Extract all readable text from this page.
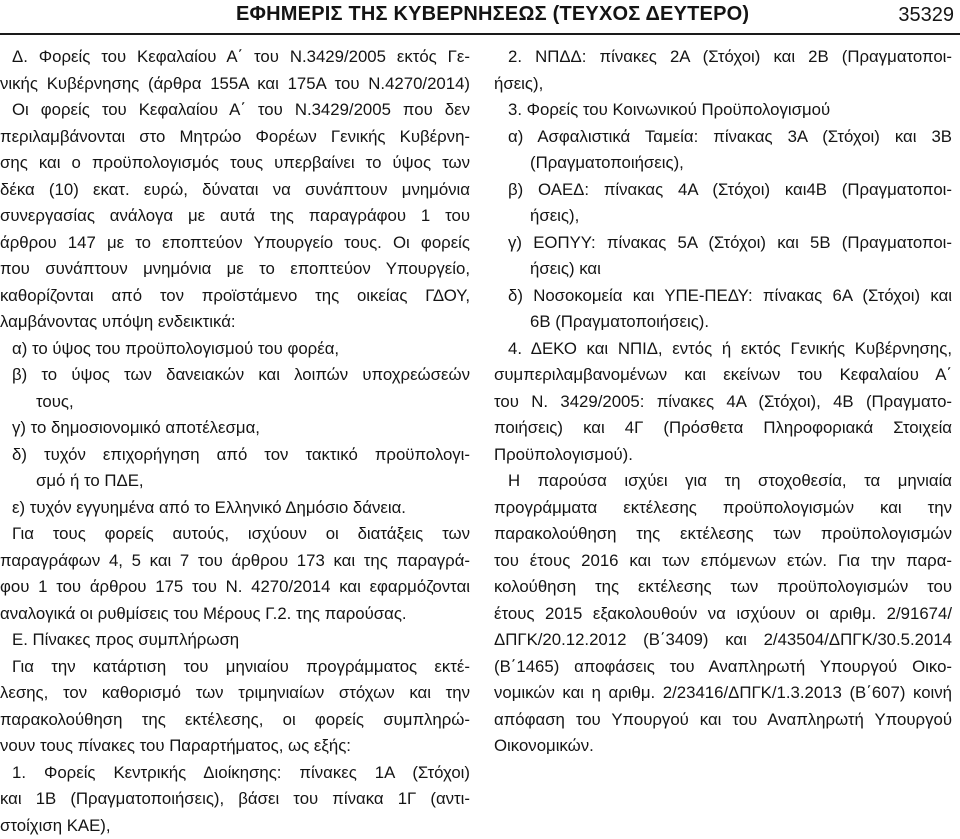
ΕΦΗΜΕΡΙΣ ΤΗΣ ΚΥΒΕΡΝΗΣΕΩΣ (ΤΕΥΧΟΣ ΔΕΥΤΕΡΟ)	35329
Δ. Φορείς του Κεφαλαίου Α΄ του Ν.3429/2005 εκτός Γε-
νικής Κυβέρνησης (άρθρα 155Α και 175Α του Ν.4270/2014)
Οι φορείς του Κεφαλαίου Α΄ του Ν.3429/2005 που δεν
περιλαμβάνονται στο Μητρώο Φορέων Γενικής Κυβέρνη-
σης και ο προϋπολογισμός τους υπερβαίνει το ύψος των
δέκα (10) εκατ. ευρώ, δύναται να συνάπτουν μνημόνια
συνεργασίας ανάλογα με αυτά της παραγράφου 1 του
άρθρου 147 με το εποπτεύον Υπουργείο τους. Οι φορείς
που συνάπτουν μνημόνια με το εποπτεύον Υπουργείο,
καθορίζονται από τον προϊστάμενο της οικείας ΓΔΟΥ,
λαμβάνοντας υπόψη ενδεικτικά:
α) το ύψος του προϋπολογισμού του φορέα,
β) το ύψος των δανειακών και λοιπών υποχρεώσεών
τους,
γ) το δημοσιονομικό αποτέλεσμα,
δ) τυχόν επιχορήγηση από τον τακτικό προϋπολογι-
σμό ή το ΠΔΕ,
ε) τυχόν εγγυημένα από το Ελληνικό Δημόσιο δάνεια.
Για τους φορείς αυτούς, ισχύουν οι διατάξεις των
παραγράφων 4, 5 και 7 του άρθρου 173 και της παραγρά-
φου 1 του άρθρου 175 του Ν. 4270/2014 και εφαρμόζονται
αναλογικά οι ρυθμίσεις του Μέρους Γ.2. της παρούσας.
Ε. Πίνακες προς συμπλήρωση
Για την κατάρτιση του μηνιαίου προγράμματος εκτέ-
λεσης, τον καθορισμό των τριμηνιαίων στόχων και την
παρακολούθηση της εκτέλεσης, οι φορείς συμπληρώ-
νουν τους πίνακες του Παραρτήματος, ως εξής:
1. Φορείς Κεντρικής Διοίκησης: πίνακες 1Α (Στόχοι)
και 1Β (Πραγματοποιήσεις), βάσει του πίνακα 1Γ (αντι-
στοίχιση ΚΑΕ),
2. ΝΠΔΔ: πίνακες 2Α (Στόχοι) και 2Β (Πραγματοποι-
ήσεις),
3. Φορείς του Κοινωνικού Προϋπολογισμού
α) Ασφαλιστικά Ταμεία: πίνακας 3Α (Στόχοι) και 3Β
(Πραγματοποιήσεις),
β) ΟΑΕΔ: πίνακας 4Α (Στόχοι) και4Β (Πραγματοποι-
ήσεις),
γ) ΕΟΠΥΥ: πίνακας 5Α (Στόχοι) και 5Β (Πραγματοποι-
ήσεις) και
δ) Νοσοκομεία και ΥΠΕ-ΠΕΔΥ: πίνακας 6Α (Στόχοι) και
6Β (Πραγματοποιήσεις).
4. ΔΕΚΟ και ΝΠΙΔ, εντός ή εκτός Γενικής Κυβέρνησης,
συμπεριλαμβανομένων και εκείνων του Κεφαλαίου Α΄
του Ν. 3429/2005: πίνακες 4Α (Στόχοι), 4Β (Πραγματο-
ποιήσεις) και 4Γ (Πρόσθετα Πληροφοριακά Στοιχεία
Προϋπολογισμού).
Η παρούσα ισχύει για τη στοχοθεσία, τα μηνιαία
προγράμματα εκτέλεσης προϋπολογισμών και την
παρακολούθηση της εκτέλεσης των προϋπολογισμών
του έτους 2016 και των επόμενων ετών. Για την παρα-
κολούθηση της εκτέλεσης των προϋπολογισμών του
έτους 2015 εξακολουθούν να ισχύουν οι αριθμ. 2/91674/
ΔΠΓΚ/20.12.2012 (Β΄3409) και 2/43504/ΔΠΓΚ/30.5.2014
(Β΄1465) αποφάσεις του Αναπληρωτή Υπουργού Οικο-
νομικών και η αριθμ. 2/23416/ΔΠΓΚ/1.3.2013 (Β΄607) κοινή
απόφαση του Υπουργού και του Αναπληρωτή Υπουργού
Οικονομικών.
